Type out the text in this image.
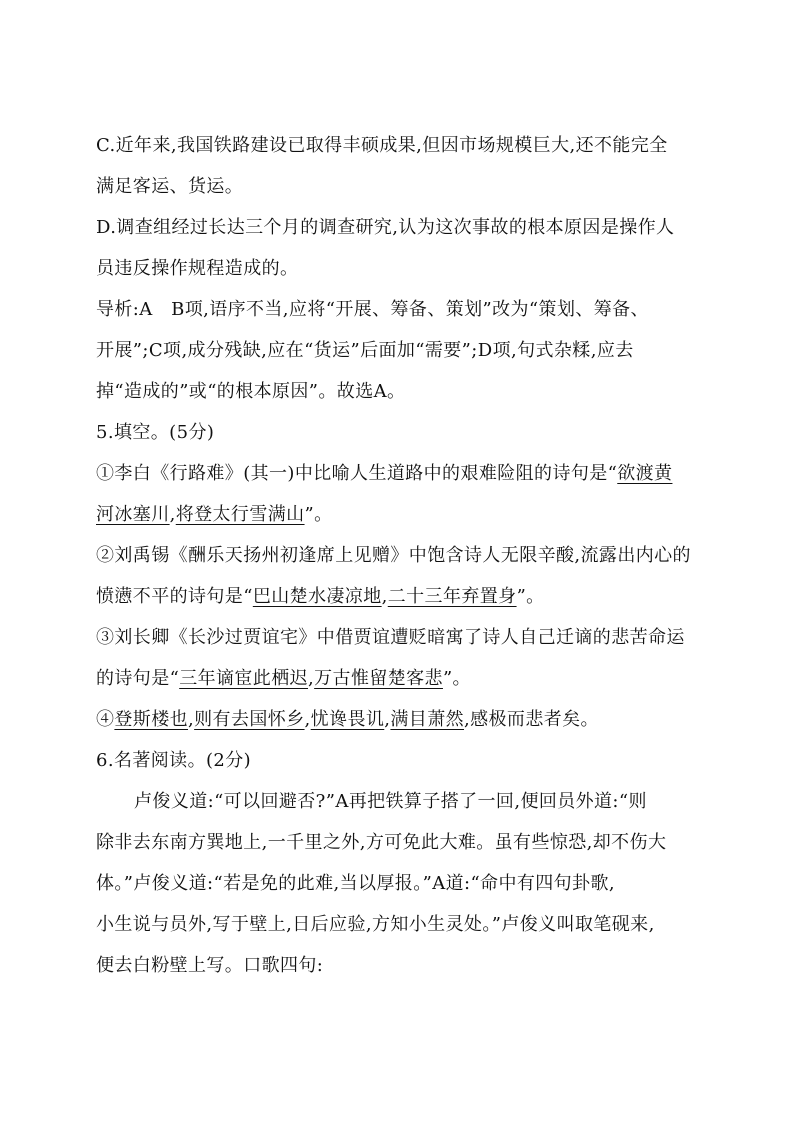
C.近年来,我国铁路建设已取得丰硕成果,但因市场规模巨大,还不能完全
满足客运、货运。
D.调查组经过长达三个月的调查研究,认为这次事故的根本原因是操作人
员违反操作规程造成的。
导析:A　B项,语序不当,应将“开展、筹备、策划”改为“策划、筹备、
开展”;C项,成分残缺,应在“货运”后面加“需要”;D项,句式杂糅,应去
掉“造成的”或“的根本原因”。故选A。
5.填空。(5分)
①李白《行路难》(其一)中比喻人生道路中的艰难险阻的诗句是“欲渡黄
河冰塞川,将登太行雪满山”。
②刘禹锡《酬乐天扬州初逢席上见赠》中饱含诗人无限辛酸,流露出内心的
愤懑不平的诗句是“巴山楚水凄凉地,二十三年弃置身”。
③刘长卿《长沙过贾谊宅》中借贾谊遭贬暗寓了诗人自己迁谪的悲苦命运
的诗句是“三年谪宦此栖迟,万古惟留楚客悲”。
④登斯楼也,则有去国怀乡,忧谗畏讥,满目萧然,感极而悲者矣。
6.名著阅读。(2分)
卢俊义道:“可以回避否?”A再把铁算子搭了一回,便回员外道:“则
除非去东南方巽地上,一千里之外,方可免此大难。虽有些惊恐,却不伤大
体。”卢俊义道:“若是免的此难,当以厚报。”A道:“命中有四句卦歌,
小生说与员外,写于壁上,日后应验,方知小生灵处。”卢俊义叫取笔砚来,
便去白粉壁上写。口歌四句:
